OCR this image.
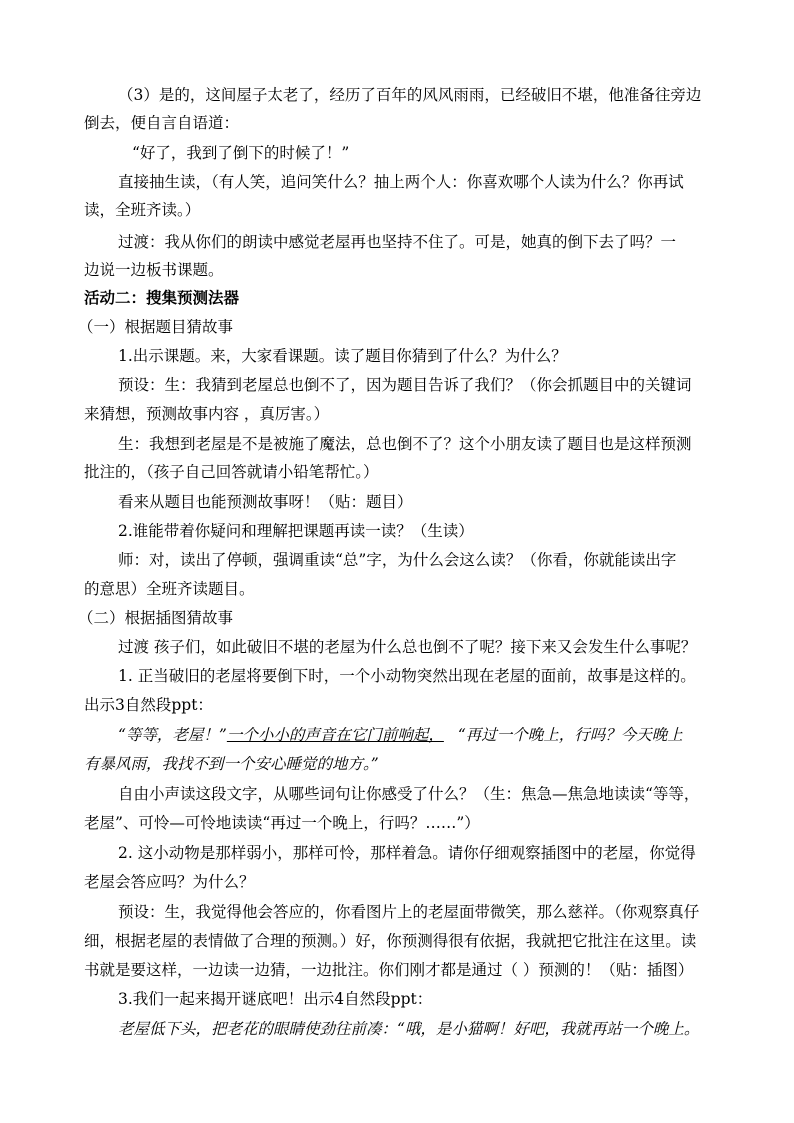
（3）是的，这间屋子太老了，经历了百年的风风雨雨，已经破旧不堪，他准备往旁边
倒去，便自言自语道：
“好了，我到了倒下的时候了！”
直接抽生读，（有人笑，追问笑什么？抽上两个人：你喜欢哪个人读为什么？你再试
读，全班齐读。）
过渡：我从你们的朗读中感觉老屋再也坚持不住了。可是，她真的倒下去了吗？一
边说一边板书课题。
活动二：搜集预测法器
（一）根据题目猜故事
1.出示课题。来，大家看课题。读了题目你猜到了什么？为什么？
预设：生：我猜到老屋总也倒不了，因为题目告诉了我们？（你会抓题目中的关键词
来猜想，预测故事内容 ，真厉害。）
生：我想到老屋是不是被施了魔法，总也倒不了？这个小朋友读了题目也是这样预测
批注的，（孩子自己回答就请小铅笔帮忙。）
看来从题目也能预测故事呀！（贴：题目）
2.谁能带着你疑问和理解把课题再读一读？（生读）
师：对，读出了停顿，强调重读“总”字，为什么会这么读？（你看，你就能读出字
的意思）全班齐读题目。
（二）根据插图猜故事
过渡 孩子们，如此破旧不堪的老屋为什么总也倒不了呢？接下来又会发生什么事呢？
1. 正当破旧的老屋将要倒下时，一个小动物突然出现在老屋的面前，故事是这样的。
出示3自然段ppt：
“等等，老屋！”一个小小的声音在它门前响起， “再过一个晚上，行吗？今天晚上
有暴风雨，我找不到一个安心睡觉的地方。”
自由小声读这段文字，从哪些词句让你感受了什么？（生：焦急—焦急地读读“等等，
老屋”、可怜—可怜地读读“再过一个晚上，行吗？……”）
2. 这小动物是那样弱小，那样可怜，那样着急。请你仔细观察插图中的老屋，你觉得
老屋会答应吗？为什么？
预设：生，我觉得他会答应的，你看图片上的老屋面带微笑，那么慈祥。（你观察真仔
细，根据老屋的表情做了合理的预测。）好，你预测得很有依据，我就把它批注在这里。读
书就是要这样，一边读一边猜，一边批注。你们刚才都是通过（ ）预测的！（贴：插图）
3.我们一起来揭开谜底吧！出示4自然段ppt：
老屋低下头，把老花的眼睛使劲往前凑：“哦，是小猫啊！好吧，我就再站一个晚上。
